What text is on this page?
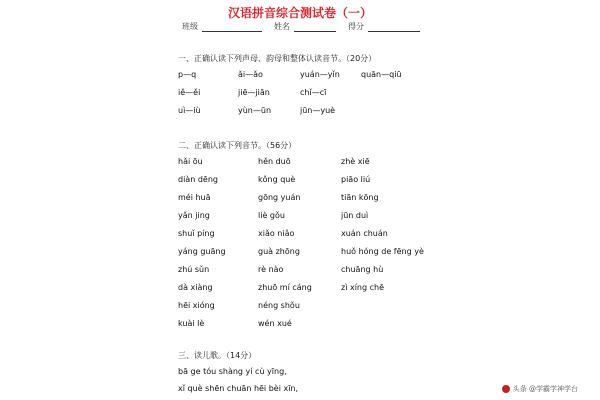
汉语拼音综合测试卷（一）
班级	姓名	得分
一、正确认读下列声母、韵母和整体认读音节。（20分）
p—q	ǎi—ǎo	yuán—yǐn	quān—qiū
iě—ěi	jiē—jiān	chǐ—cī
uì—iù	yùn—ūn	jūn—yuè
二、正确认读下列音节。（56分）
hǎi ōu	hěn duō	zhè xiē
diàn dēng	kǒng què	piāo liú
méi huā	gōng yuán	tiān kōng
yǎn jing	liè gǒu	jūn duì
shuǐ píng	xiǎo niǎo	xuán chuán
yáng guāng	guà zhōng	huǒ hóng de fēng yè
zhú sǔn	rè nào	chuāng hù
dà xiàng	zhuō mí cáng	zì xíng chē
hēi xióng	néng shǒu
kuài lè	wén xué
三、读儿歌。（14分）
bā ge tóu shàng yí cù yīng,
xǐ què shēn chuān hēi bèi xīn,	头条 @学霸学神学台
